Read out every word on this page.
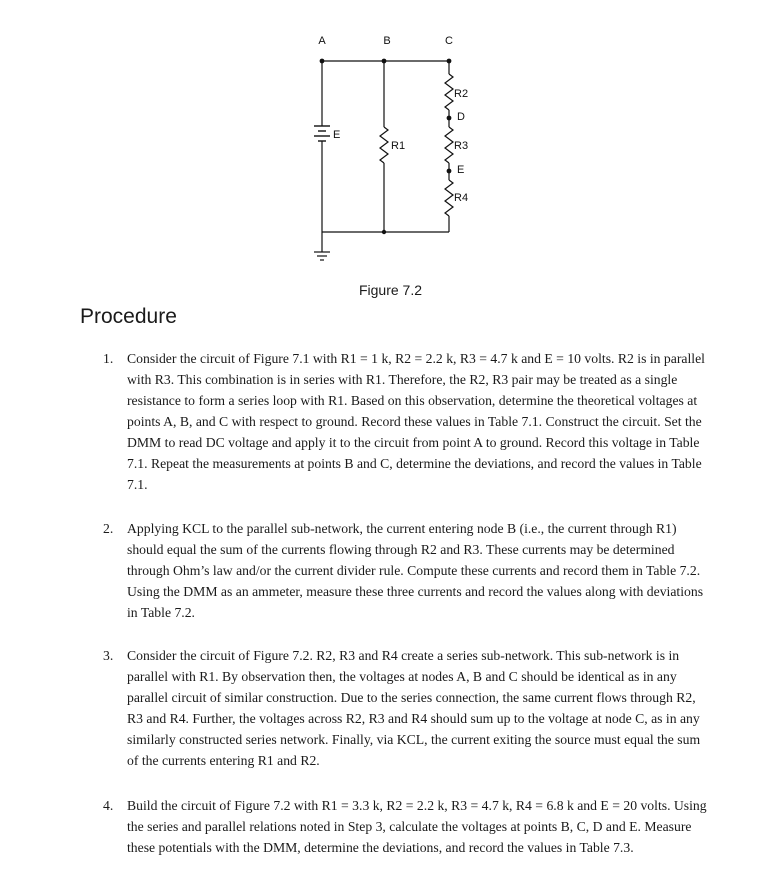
A	B	C
E
R1
R2
D
R3
E
R4
Figure 7.2
Procedure
1. Consider the circuit of Figure 7.1 with R1 = 1 k, R2 = 2.2 k, R3 = 4.7 k and E = 10 volts. R2 is in parallel with R3. This combination is in series with R1. Therefore, the R2, R3 pair may be treated as a single resistance to form a series loop with R1. Based on this observation, determine the theoretical voltages at points A, B, and C with respect to ground. Record these values in Table 7.1. Construct the circuit. Set the DMM to read DC voltage and apply it to the circuit from point A to ground. Record this voltage in Table 7.1. Repeat the measurements at points B and C, determine the deviations, and record the values in Table 7.1.

2. Applying KCL to the parallel sub-network, the current entering node B (i.e., the current through R1) should equal the sum of the currents flowing through R2 and R3. These currents may be determined through Ohm’s law and/or the current divider rule. Compute these currents and record them in Table 7.2. Using the DMM as an ammeter, measure these three currents and record the values along with deviations in Table 7.2.

3. Consider the circuit of Figure 7.2. R2, R3 and R4 create a series sub-network. This sub-network is in parallel with R1. By observation then, the voltages at nodes A, B and C should be identical as in any parallel circuit of similar construction. Due to the series connection, the same current flows through R2, R3 and R4. Further, the voltages across R2, R3 and R4 should sum up to the voltage at node C, as in any similarly constructed series network. Finally, via KCL, the current exiting the source must equal the sum of the currents entering R1 and R2.

4. Build the circuit of Figure 7.2 with R1 = 3.3 k, R2 = 2.2 k, R3 = 4.7 k, R4 = 6.8 k and E = 20 volts. Using the series and parallel relations noted in Step 3, calculate the voltages at points B, C, D and E. Measure these potentials with the DMM, determine the deviations, and record the values in Table 7.3.
